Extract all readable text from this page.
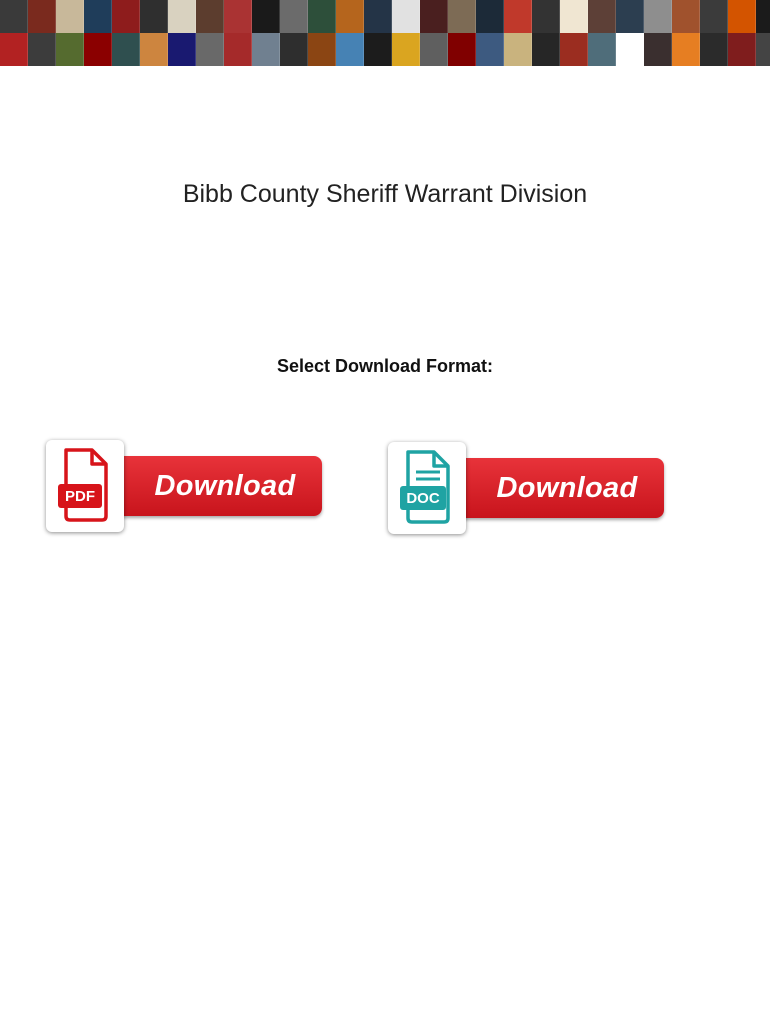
Bibb County Sheriff Warrant Division
Select Download Format:
Download
PDF	Download
DOC
